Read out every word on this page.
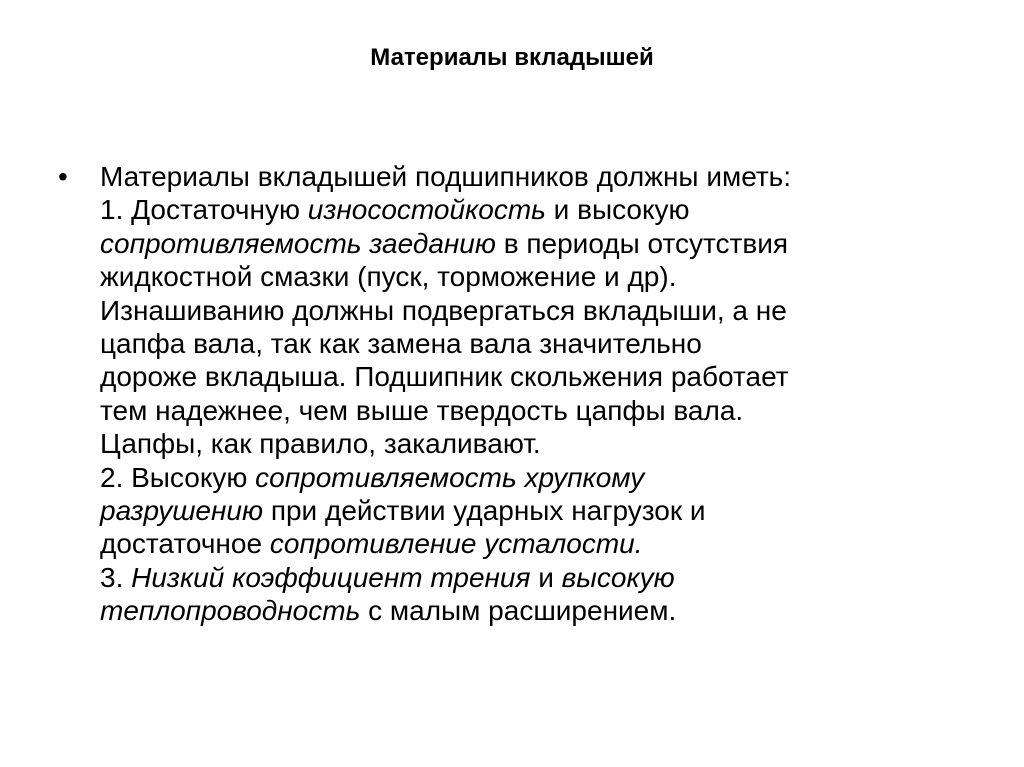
Материалы вкладышей
• Материалы вкладышей подшипников должны иметь:
1. Достаточную износостойкость и высокую
сопротивляемость заеданию в периоды отсутствия
жидкостной смазки (пуск, торможение и др).
Изнашиванию должны подвергаться вкладыши, а не
цапфа вала, так как замена вала значительно
дороже вкладыша. Подшипник скольжения работает
тем надежнее, чем выше твердость цапфы вала.
Цапфы, как правило, закаливают.
2. Высокую сопротивляемость хрупкому
разрушению при действии ударных нагрузок и
достаточное сопротивление усталости.
3. Низкий коэффициент трения и высокую
теплопроводность с малым расширением.
